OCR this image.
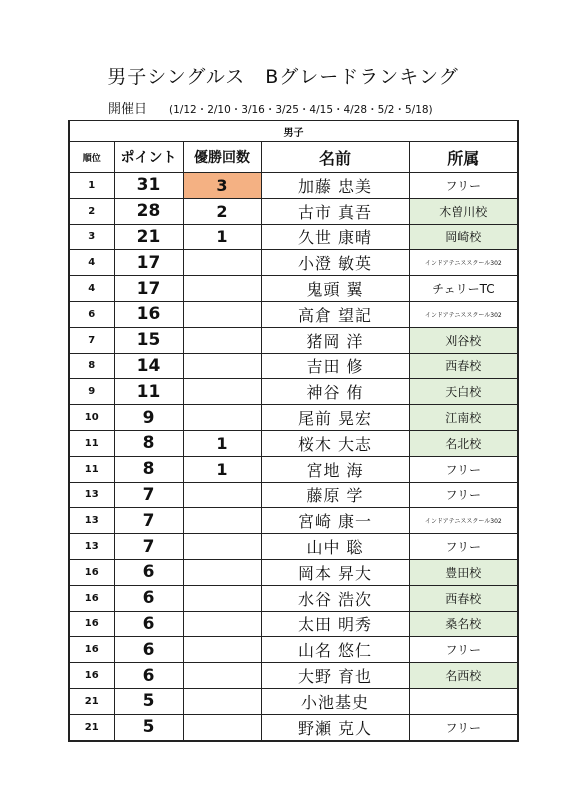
男子シングルス　Bグレードランキング
開催日 (1/12・2/10・3/16・3/25・4/15・4/28・5/2・5/18)
男子				
順位	ポイント	優勝回数	名前	所属
1	31	3	加藤 忠美	フリー
2	28	2	古市 真吾	木曽川校
3	21	1	久世 康晴	岡崎校
4	17		小澄 敏英	インドアテニススクール302
4	17		鬼頭 翼	チェリーTC
6	16		高倉 望記	インドアテニススクール302
7	15		猪岡 洋	刈谷校
8	14		吉田 修	西春校
9	11		神谷 侑	天白校
10	9		尾前 晃宏	江南校
11	8	1	桜木 大志	名北校
11	8	1	宮地 海	フリー
13	7		藤原 学	フリー
13	7		宮崎 康一	インドアテニススクール302
13	7		山中 聡	フリー
16	6		岡本 昇大	豊田校
16	6		水谷 浩次	西春校
16	6		太田 明秀	桑名校
16	6		山名 悠仁	フリー
16	6		大野 育也	名西校
21	5		小池基史	
21	5		野瀬 克人	フリー
